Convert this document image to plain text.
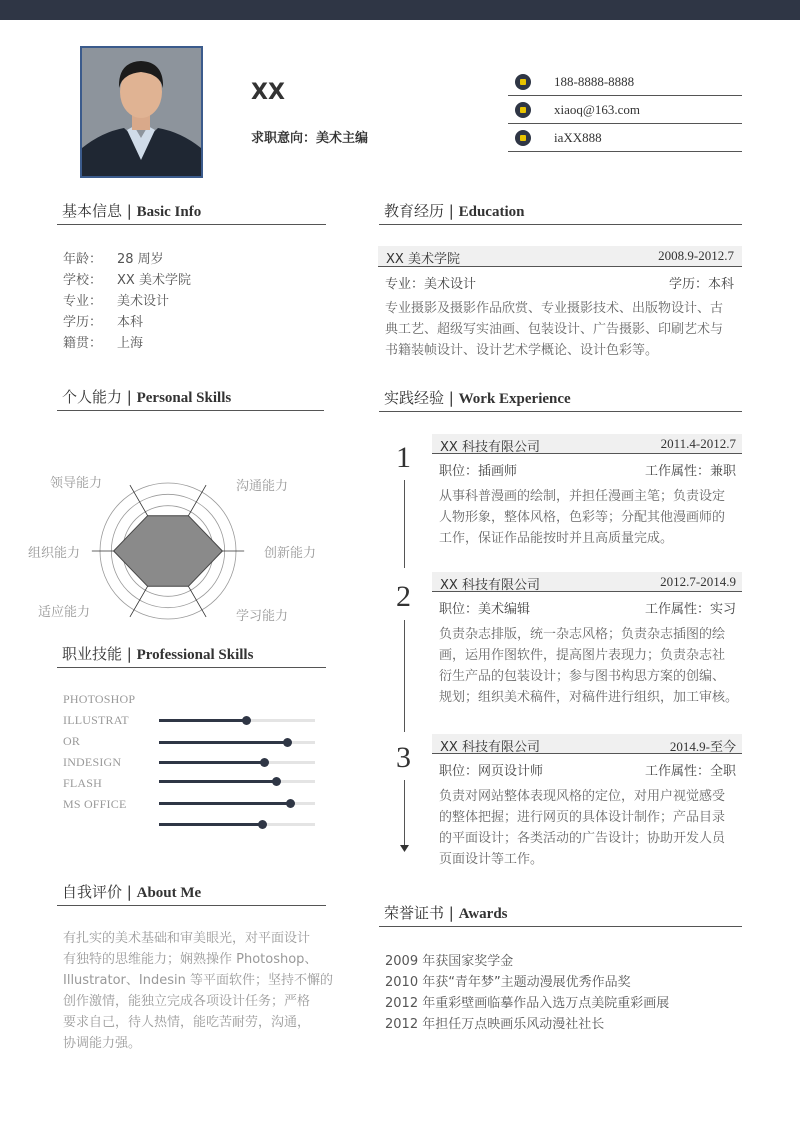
XX
求职意向：美术主编
188-8888-8888
xiaoq@163.com
iaXX888
基本信息 | Basic Info
年龄： 28 周岁
学校： XX 美术学院
专业： 美术设计
学历： 本科
籍贯： 上海
教育经历 | Education
XX 美术学院	2008.9-2012.7
专业：美术设计	学历：本科
专业摄影及摄影作品欣赏、专业摄影技术、出版物设计、古
典工艺、超级写实油画、包装设计、广告摄影、印刷艺术与
书籍装帧设计、设计艺术学概论、设计色彩等。
个人能力 | Personal Skills
领导能力	沟通能力
创新能力
学习能力
适应能力
组织能力
实践经验 | Work Experience
1
2
3
XX 科技有限公司	2011.4-2012.7
职位：插画师	工作属性：兼职
从事科普漫画的绘制，并担任漫画主笔；负责设定
人物形象，整体风格，色彩等；分配其他漫画师的
工作，保证作品能按时并且高质量完成。
XX 科技有限公司	2012.7-2014.9
职位：美术编辑	工作属性：实习
负责杂志排版，统一杂志风格；负责杂志插图的绘
画，运用作图软件，提高图片表现力；负责杂志社
衍生产品的包装设计；参与图书构思方案的创编、
规划；组织美术稿件，对稿件进行组织，加工审核。
XX 科技有限公司	2014.9-至今
职位：网页设计师	工作属性：全职
负责对网站整体表现风格的定位，对用户视觉感受
的整体把握；进行网页的具体设计制作；产品目录
的平面设计；各类活动的广告设计；协助开发人员
页面设计等工作。
职业技能 | Professional Skills
PHOTOSHOP
ILLUSTRAT
OR
INDESIGN
FLASH
MS OFFICE
自我评价 | About Me
有扎实的美术基础和审美眼光，对平面设计
有独特的思维能力；娴熟操作 Photoshop、
Illustrator、Indesin 等平面软件；坚持不懈的
创作激情，能独立完成各项设计任务；严格
要求自己，待人热情，能吃苦耐劳，沟通，
协调能力强。
荣誉证书 | Awards
2009 年获国家奖学金
2010 年获“青年梦”主题动漫展优秀作品奖
2012 年重彩壁画临摹作品入选万点美院重彩画展
2012 年担任万点映画乐风动漫社社长
